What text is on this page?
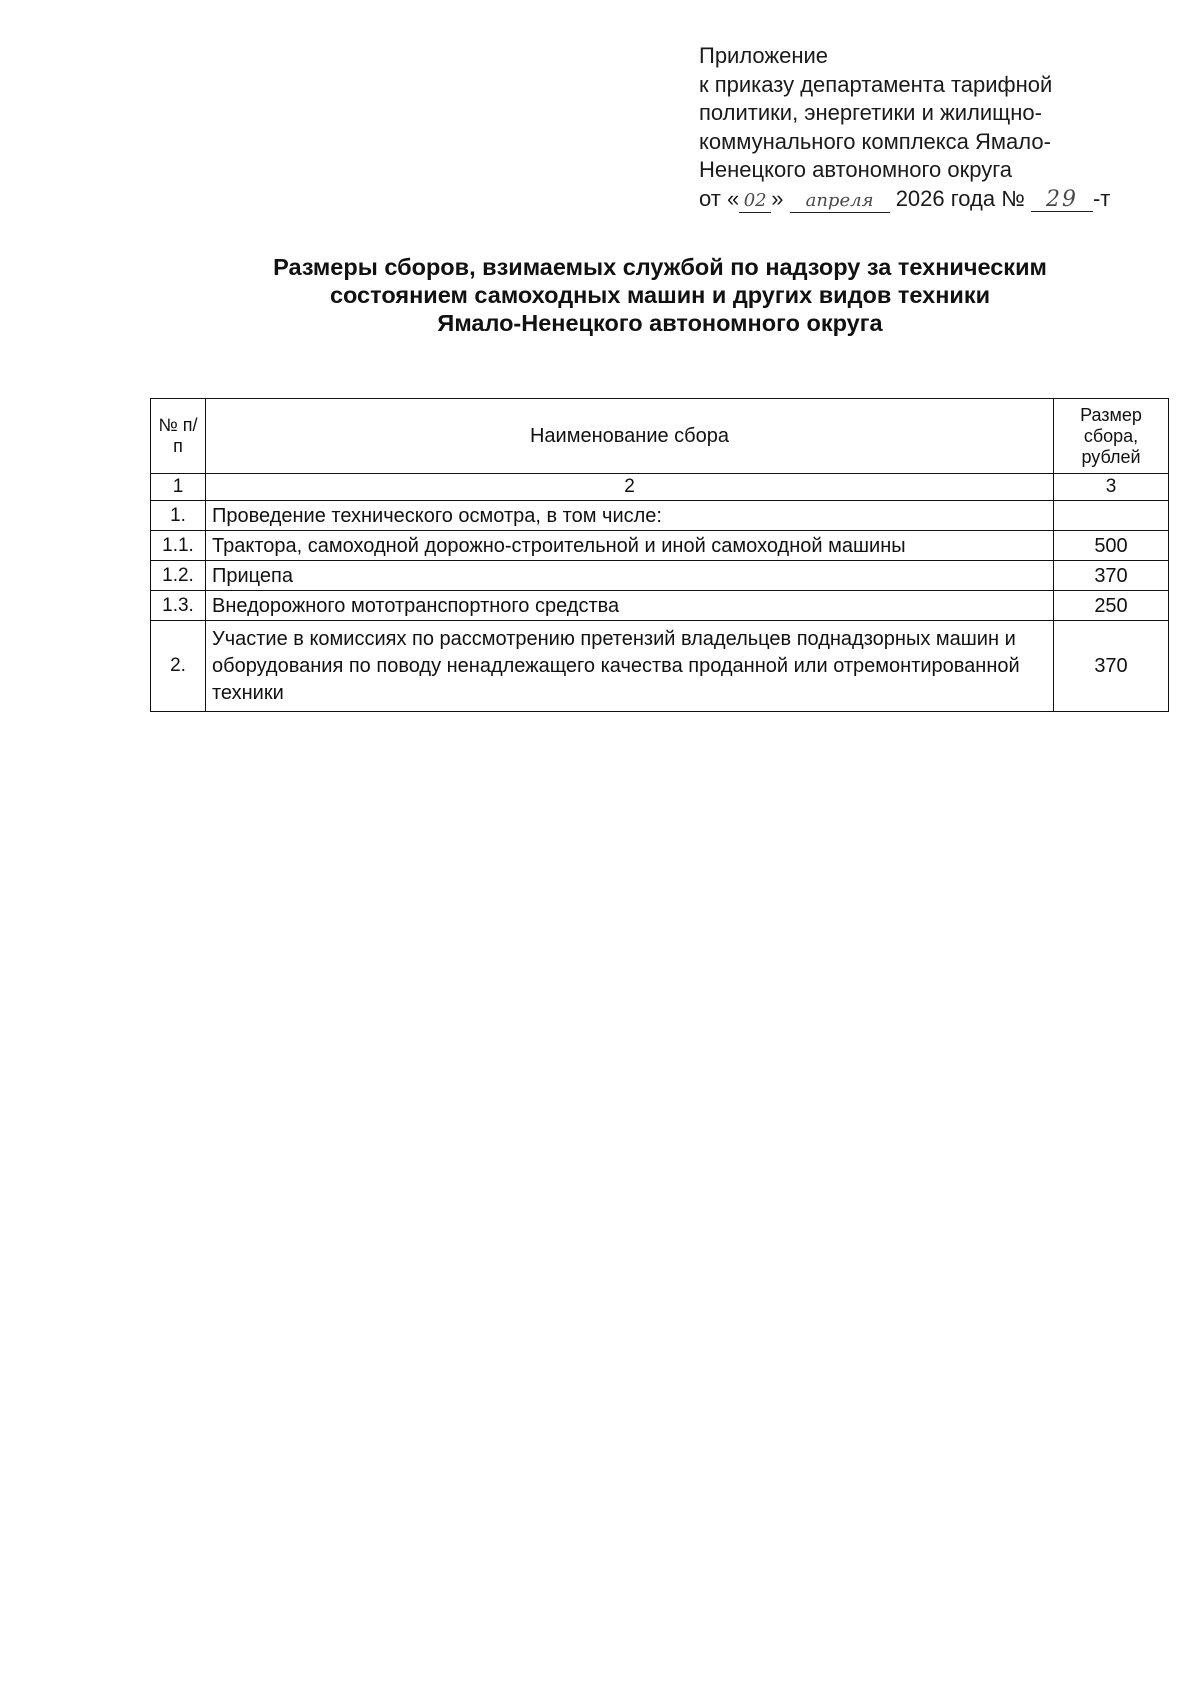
Приложение
к приказу департамента тарифной
политики, энергетики и жилищно-
коммунального комплекса Ямало-
Ненецкого автономного округа
от « 02 » апреля 2026 года № 29 -т
Размеры сборов, взимаемых службой по надзору за техническим
состоянием самоходных машин и других видов техники
Ямало-Ненецкого автономного округа
№ п/п	Наименование сбора	Размер сбора, рублей
1	2	3
1.	Проведение технического осмотра, в том числе:	
1.1.	Трактора, самоходной дорожно-строительной и иной самоходной машины	500
1.2.	Прицепа	370
1.3.	Внедорожного мототранспортного средства	250
2.	Участие в комиссиях по рассмотрению претензий владельцев поднадзорных машин и оборудования по поводу ненадлежащего качества проданной или отремонтированной техники	370
